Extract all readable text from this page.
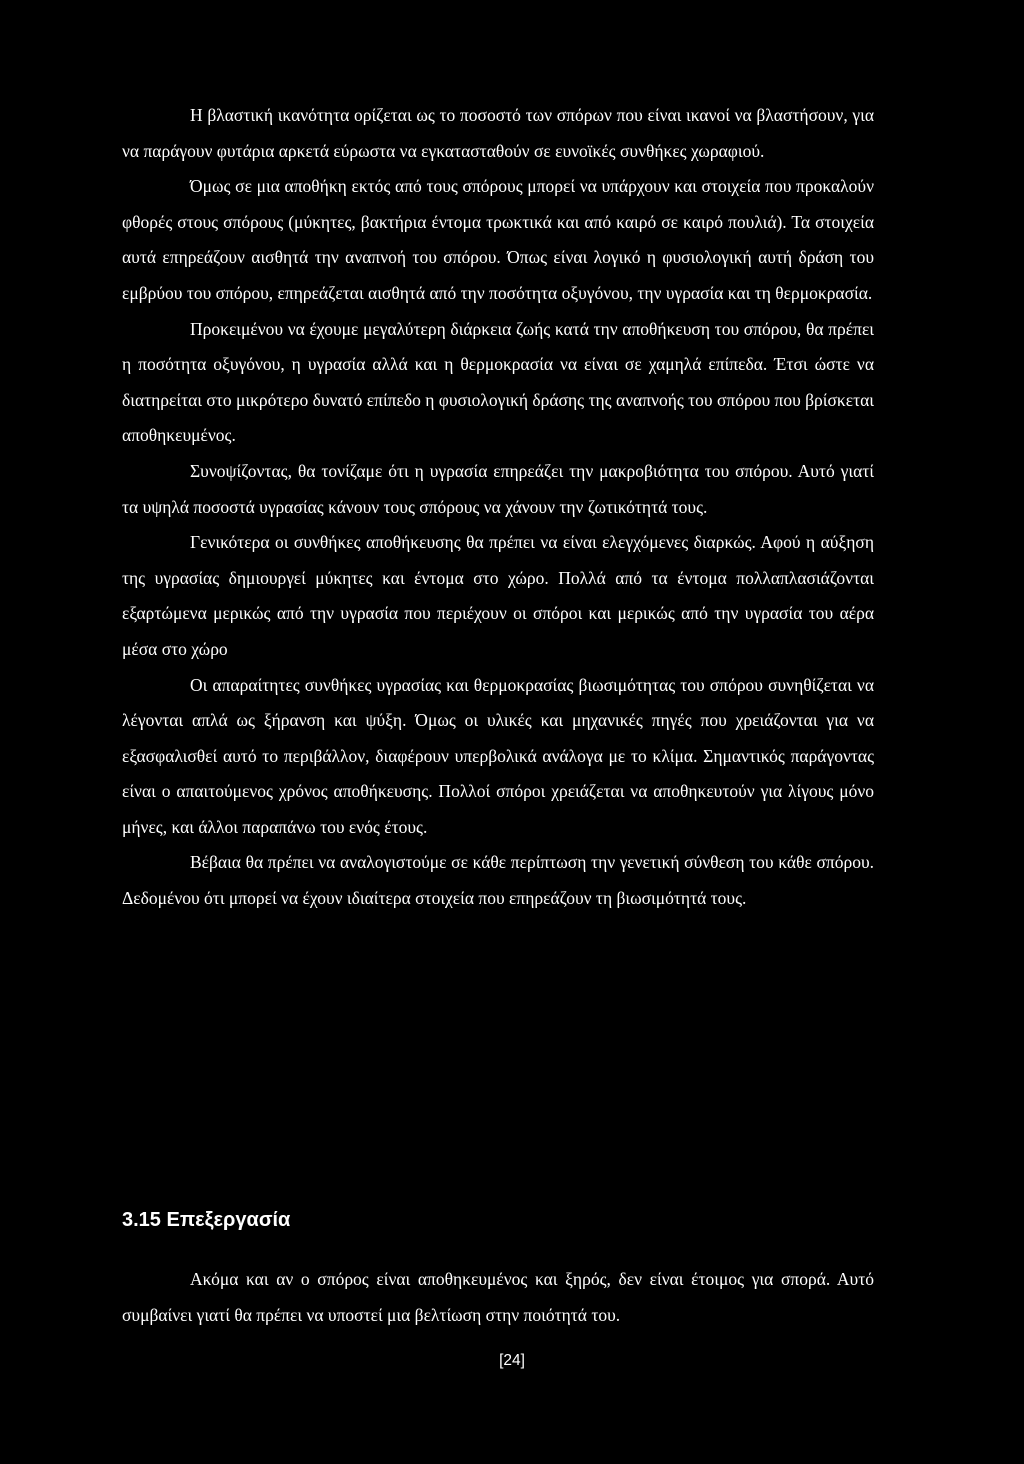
Η βλαστική ικανότητα ορίζεται ως το ποσοστό των σπόρων που είναι ικανοί να βλαστήσουν, για να παράγουν φυτάρια αρκετά εύρωστα να εγκατασταθούν σε ευνοϊκές συνθήκες χωραφιού.

Όμως σε μια αποθήκη εκτός από τους σπόρους μπορεί να υπάρχουν και στοιχεία που προκαλούν φθορές στους σπόρους (μύκητες, βακτήρια έντομα τρωκτικά και από καιρό σε καιρό πουλιά). Τα στοιχεία αυτά επηρεάζουν αισθητά την αναπνοή του σπόρου. Όπως είναι λογικό η φυσιολογική αυτή δράση του εμβρύου του σπόρου, επηρεάζεται αισθητά από την ποσότητα οξυγόνου, την υγρασία και τη θερμοκρασία.

Προκειμένου να έχουμε μεγαλύτερη διάρκεια ζωής κατά την αποθήκευση του σπόρου, θα πρέπει η ποσότητα οξυγόνου, η υγρασία αλλά και η θερμοκρασία να είναι σε χαμηλά επίπεδα. Έτσι ώστε να διατηρείται στο μικρότερο δυνατό επίπεδο η φυσιολογική δράσης της αναπνοής του σπόρου που βρίσκεται αποθηκευμένος.

Συνοψίζοντας, θα τονίζαμε ότι η υγρασία επηρεάζει την μακροβιότητα του σπόρου. Αυτό γιατί τα υψηλά ποσοστά υγρασίας κάνουν τους σπόρους να χάνουν την ζωτικότητά τους.

Γενικότερα οι συνθήκες αποθήκευσης θα πρέπει να είναι ελεγχόμενες διαρκώς. Αφού η αύξηση της υγρασίας δημιουργεί μύκητες και έντομα στο χώρο. Πολλά από τα έντομα πολλαπλασιάζονται εξαρτώμενα μερικώς από την υγρασία που περιέχουν οι σπόροι και μερικώς από την υγρασία του αέρα μέσα στο χώρο

Οι απαραίτητες συνθήκες υγρασίας και θερμοκρασίας βιωσιμότητας του σπόρου συνηθίζεται να λέγονται απλά ως ξήρανση και ψύξη. Όμως οι υλικές και μηχανικές πηγές που χρειάζονται για να εξασφαλισθεί αυτό το περιβάλλον, διαφέρουν υπερβολικά ανάλογα με το κλίμα. Σημαντικός παράγοντας είναι ο απαιτούμενος χρόνος αποθήκευσης. Πολλοί σπόροι χρειάζεται να αποθηκευτούν για λίγους μόνο μήνες, και άλλοι παραπάνω του ενός έτους.

Βέβαια θα πρέπει να αναλογιστούμε σε κάθε περίπτωση την γενετική σύνθεση του κάθε σπόρου. Δεδομένου ότι μπορεί να έχουν ιδιαίτερα στοιχεία που επηρεάζουν τη βιωσιμότητά τους.

3.15 Επεξεργασία

Ακόμα και αν ο σπόρος είναι αποθηκευμένος και ξηρός, δεν είναι έτοιμος για σπορά. Αυτό συμβαίνει γιατί θα πρέπει να υποστεί μια βελτίωση στην ποιότητά του.

[24]
